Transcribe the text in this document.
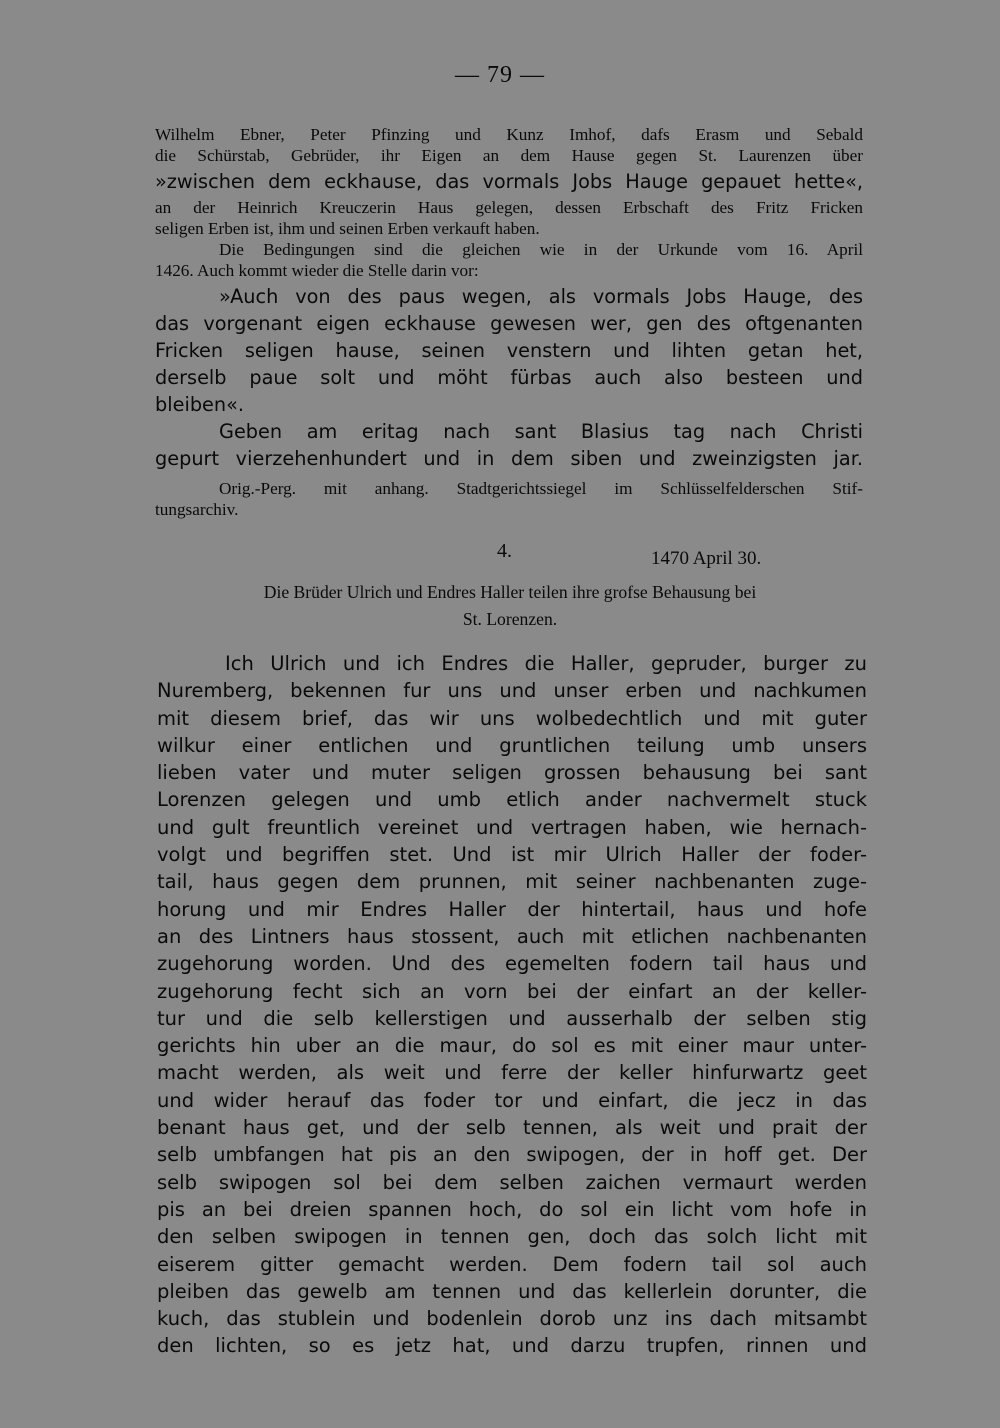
— 79 —
Wilhelm Ebner, Peter Pfinzing und Kunz Imhof, dafs Erasm und Sebald
die Schürstab, Gebrüder, ihr Eigen an dem Hause gegen St. Laurenzen über
»zwischen dem eckhause, das vormals Jobs Hauge gepauet hette«,
an der Heinrich Kreuczerin Haus gelegen, dessen Erbschaft des Fritz Fricken
seligen Erben ist, ihm und seinen Erben verkauft haben.
Die Bedingungen sind die gleichen wie in der Urkunde vom 16. April
1426. Auch kommt wieder die Stelle darin vor:
»Auch von des paus wegen, als vormals Jobs Hauge, des
das vorgenant eigen eckhause gewesen wer, gen des oftgenanten
Fricken seligen hause, seinen venstern und lihten getan het,
derselb paue solt und möht fürbas auch also besteen und
bleiben«.
Geben am eritag nach sant Blasius tag nach Christi
gepurt vierzehenhundert und in dem siben und zweinzigsten jar.
Orig.-Perg. mit anhang. Stadtgerichtssiegel im Schlüsselfelderschen Stif-
tungsarchiv.
4.	1470 April 30.
Die Brüder Ulrich und Endres Haller teilen ihre grofse Behausung bei
St. Lorenzen.
Ich Ulrich und ich Endres die Haller, gepruder, burger zu
Nuremberg, bekennen fur uns und unser erben und nachkumen
mit diesem brief, das wir uns wolbedechtlich und mit guter
wilkur einer entlichen und gruntlichen teilung umb unsers
lieben vater und muter seligen grossen behausung bei sant
Lorenzen gelegen und umb etlich ander nachvermelt stuck
und gult freuntlich vereinet und vertragen haben, wie hernach-
volgt und begriffen stet. Und ist mir Ulrich Haller der foder-
tail, haus gegen dem prunnen, mit seiner nachbenanten zuge-
horung und mir Endres Haller der hintertail, haus und hofe
an des Lintners haus stossent, auch mit etlichen nachbenanten
zugehorung worden. Und des egemelten fodern tail haus und
zugehorung fecht sich an vorn bei der einfart an der keller-
tur und die selb kellerstigen und ausserhalb der selben stig
gerichts hin uber an die maur, do sol es mit einer maur unter-
macht werden, als weit und ferre der keller hinfurwartz geet
und wider herauf das foder tor und einfart, die jecz in das
benant haus get, und der selb tennen, als weit und prait der
selb umbfangen hat pis an den swipogen, der in hoff get. Der
selb swipogen sol bei dem selben zaichen vermaurt werden
pis an bei dreien spannen hoch, do sol ein licht vom hofe in
den selben swipogen in tennen gen, doch das solch licht mit
eiserem gitter gemacht werden. Dem fodern tail sol auch
pleiben das gewelb am tennen und das kellerlein dorunter, die
kuch, das stublein und bodenlein dorob unz ins dach mitsambt
den lichten, so es jetz hat, und darzu trupfen, rinnen und
